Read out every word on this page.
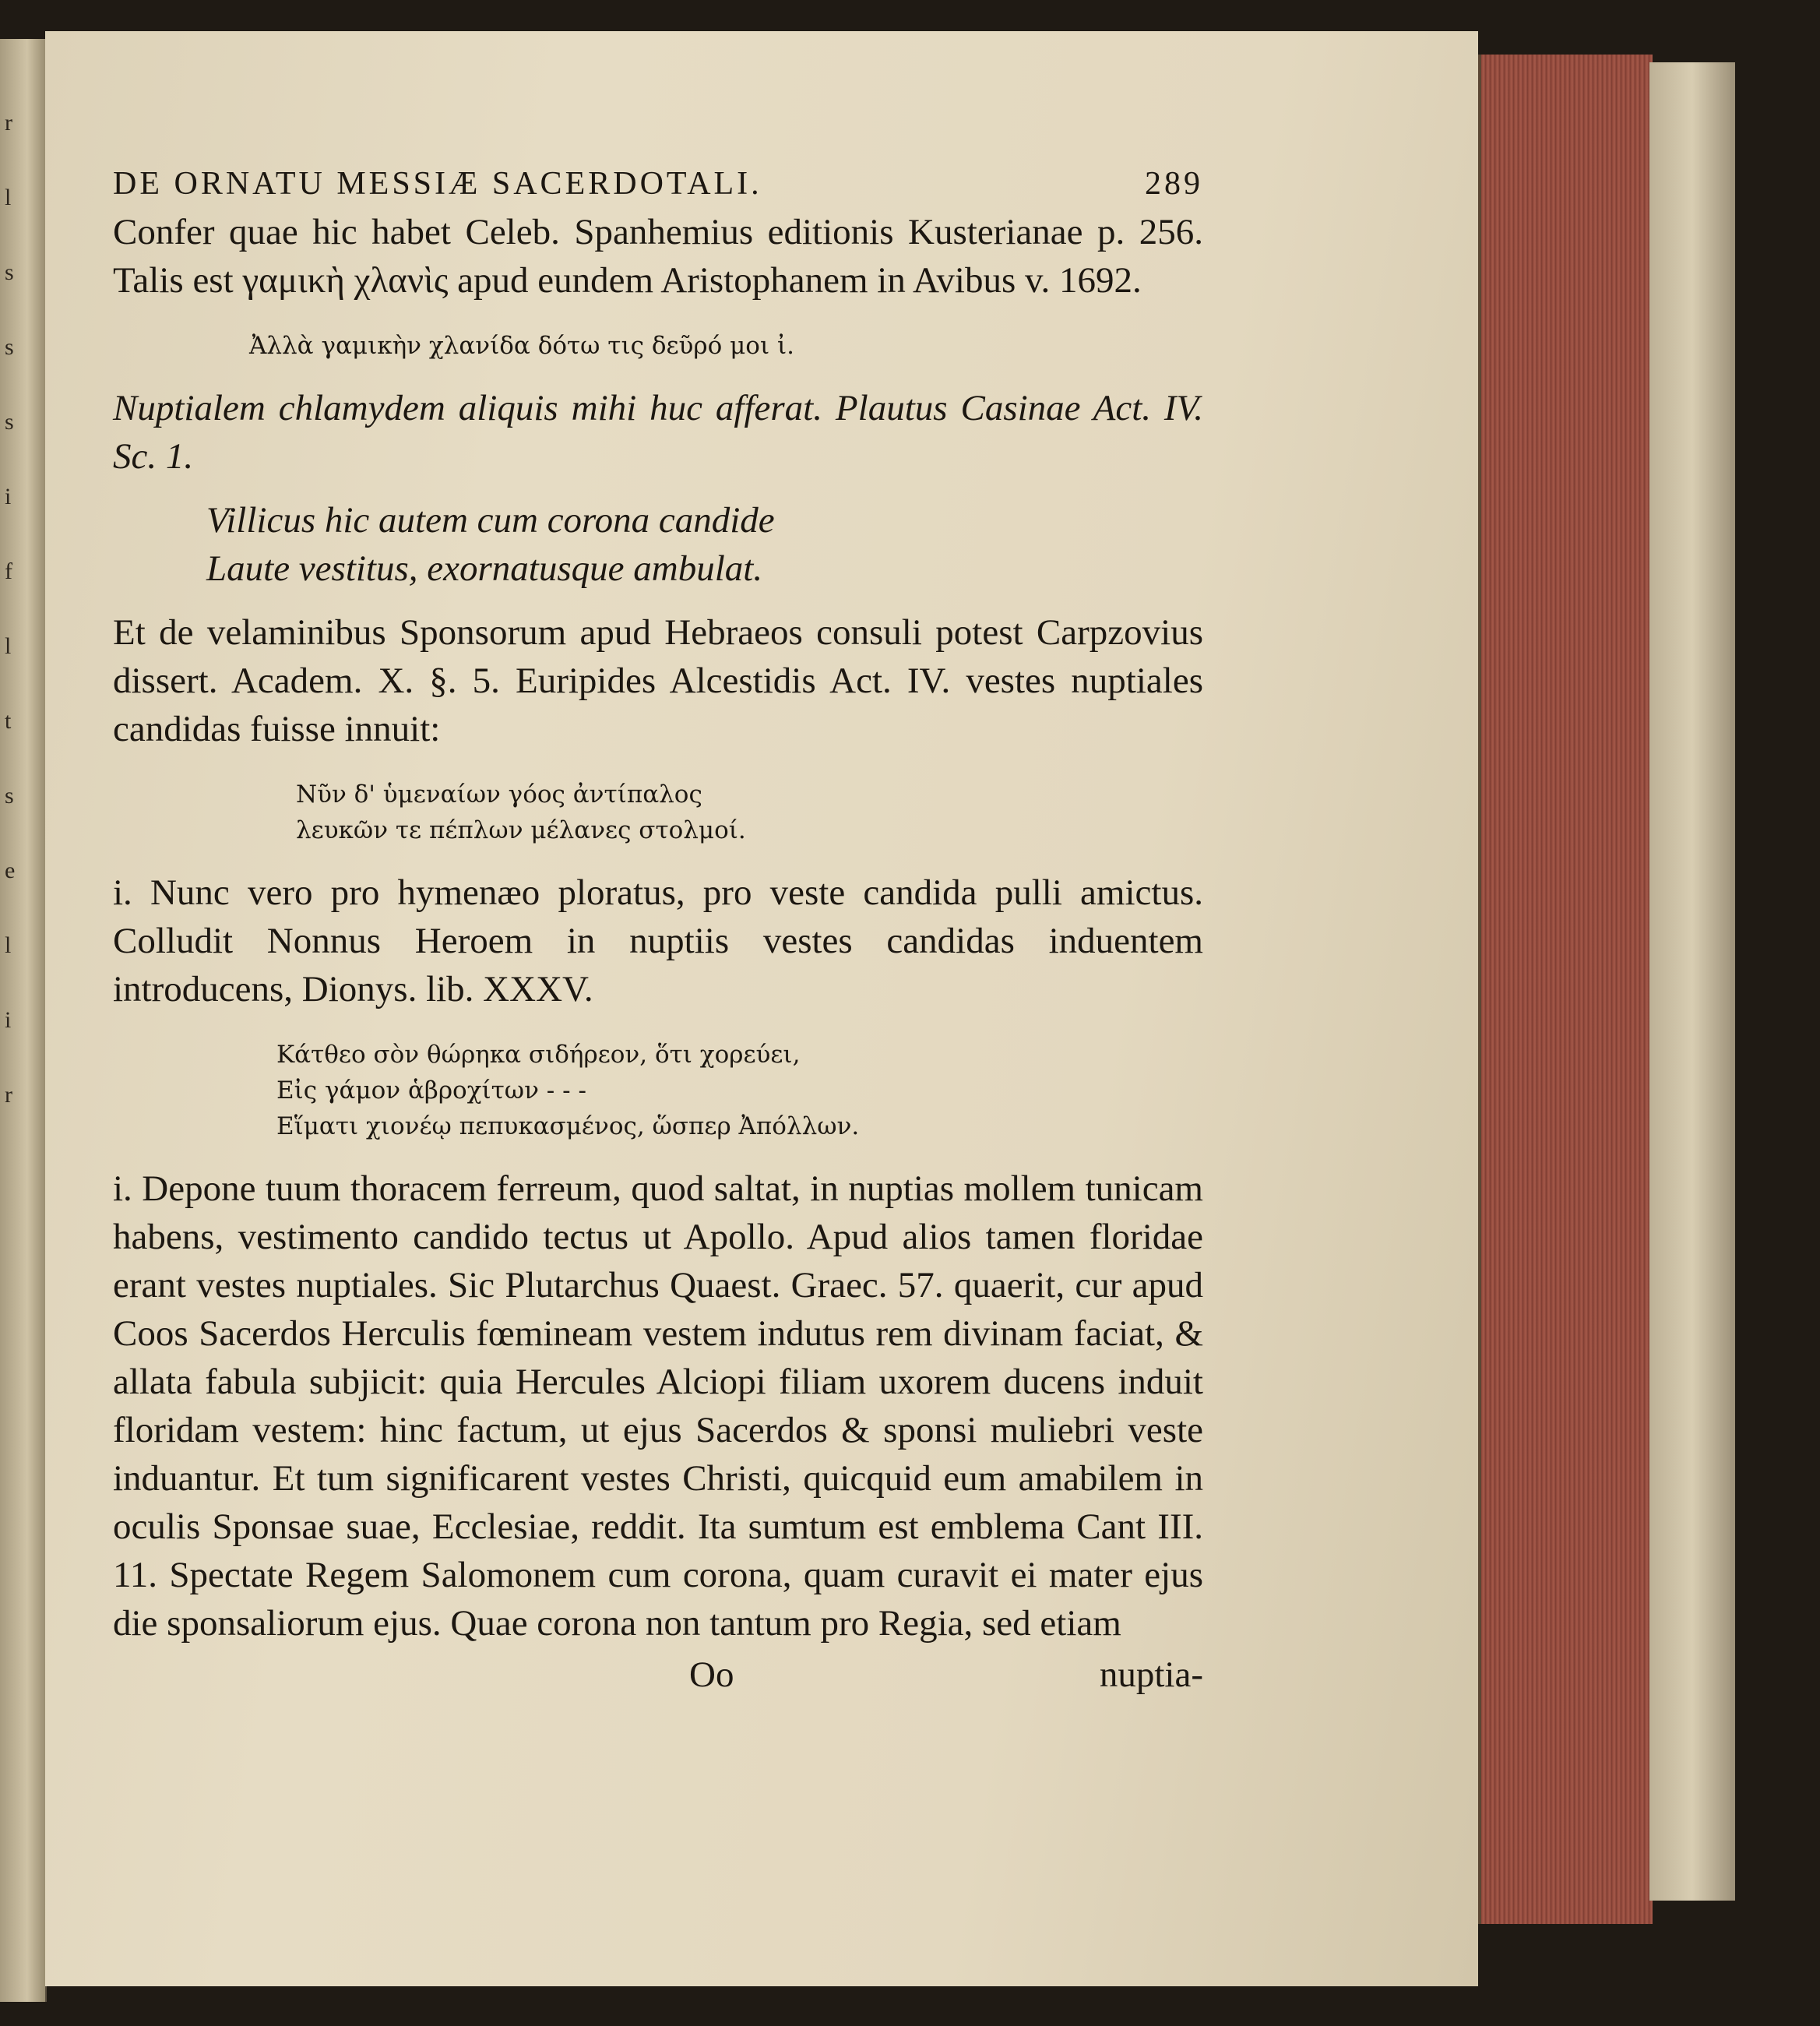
r
l
s
s
s
i
f
l
t
s
e
l
i
r
DE ORNATU MESSIÆ SACERDOTALI.	289

Confer quae hic habet Celeb. Spanhemius editionis Kusterianae p. 256. Talis est γαμικὴ χλανὶς apud eundem Aristophanem in Avibus v. 1692.

Ἀλλὰ γαμικὴν χλανίδα δότω τις δεῦρό μοι ἰ.

Nuptialem chlamydem aliquis mihi huc afferat. Plautus Casinae Act. IV. Sc. 1.

Villicus hic autem cum corona candide

Laute vestitus, exornatusque ambulat.

Et de velaminibus Sponsorum apud Hebraeos consuli potest Carpzovius dissert. Academ. X. §. 5. Euripides Alcestidis Act. IV. vestes nuptiales candidas fuisse innuit:

Νῦν δ' ὑμεναίων γόος ἀντίπαλος

λευκῶν τε πέπλων μέλανες στολμοί.

i. Nunc vero pro hymenæo ploratus, pro veste candida pulli amictus. Colludit Nonnus Heroem in nuptiis vestes candidas induentem introducens, Dionys. lib. XXXV.

Κάτθεο σὸν θώρηκα σιδήρεον, ὅτι χορεύει,

Εἰς γάμον ἁβροχίτων - - -

Εἵματι χιονέῳ πεπυκασμένος, ὥσπερ Ἀπόλλων.

i. Depone tuum thoracem ferreum, quod saltat, in nuptias mollem tunicam habens, vestimento candido tectus ut Apollo. Apud alios tamen floridae erant vestes nuptiales. Sic Plutarchus Quaest. Graec. 57. quaerit, cur apud Coos Sacerdos Herculis fœmineam vestem indutus rem divinam faciat, & allata fabula subjicit: quia Hercules Alciopi filiam uxorem ducens induit floridam vestem: hinc factum, ut ejus Sacerdos & sponsi muliebri veste induantur. Et tum significarent vestes Christi, quicquid eum amabilem in oculis Sponsae suae, Ecclesiae, reddit. Ita sumtum est emblema Cant III. 11. Spectate Regem Salomonem cum corona, quam curavit ei mater ejus die sponsaliorum ejus. Quae corona non tantum pro Regia, sed etiam

Oo	nuptia-
